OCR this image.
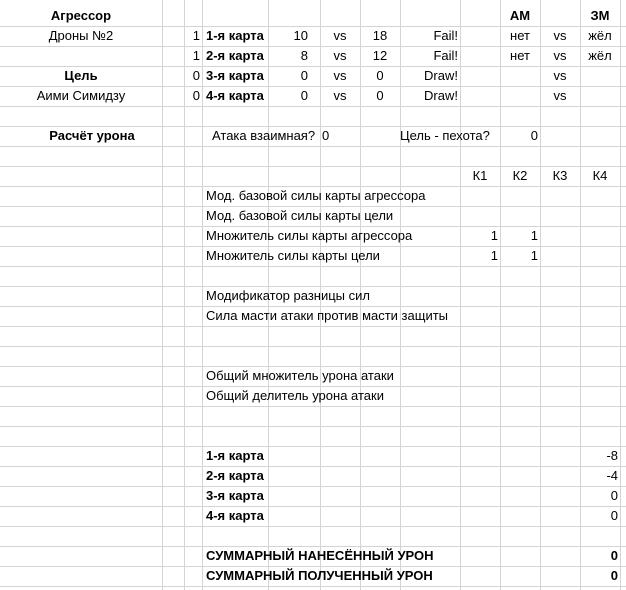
Агрессор	АМ	ЗМ
Дроны №2	1 1-я карта	10	vs	18	Fail!	нет	vs	жёл
1 2-я карта	8	vs	12	Fail!	нет	vs	жёл
Цель	0 3-я карта	0	vs	0	Draw!	vs
Аими Симидзу	0 4-я карта	0	vs	0	Draw!	vs
Расчёт урона	Атака взаимная? 0	Цель - пехота?	0
К1	К2	К3	К4
Мод. базовой силы карты агрессора
Мод. базовой силы карты цели
Множитель силы карты агрессора	1	1
Множитель силы карты цели	1	1
Модификатор разницы сил
Сила масти атаки против масти защиты
Общий множитель урона атаки
Общий делитель урона атаки
1-я карта	-8
2-я карта	-4
3-я карта	0
4-я карта	0
СУММАРНЫЙ НАНЕСЁННЫЙ УРОН	0
СУММАРНЫЙ ПОЛУЧЕННЫЙ УРОН	0
